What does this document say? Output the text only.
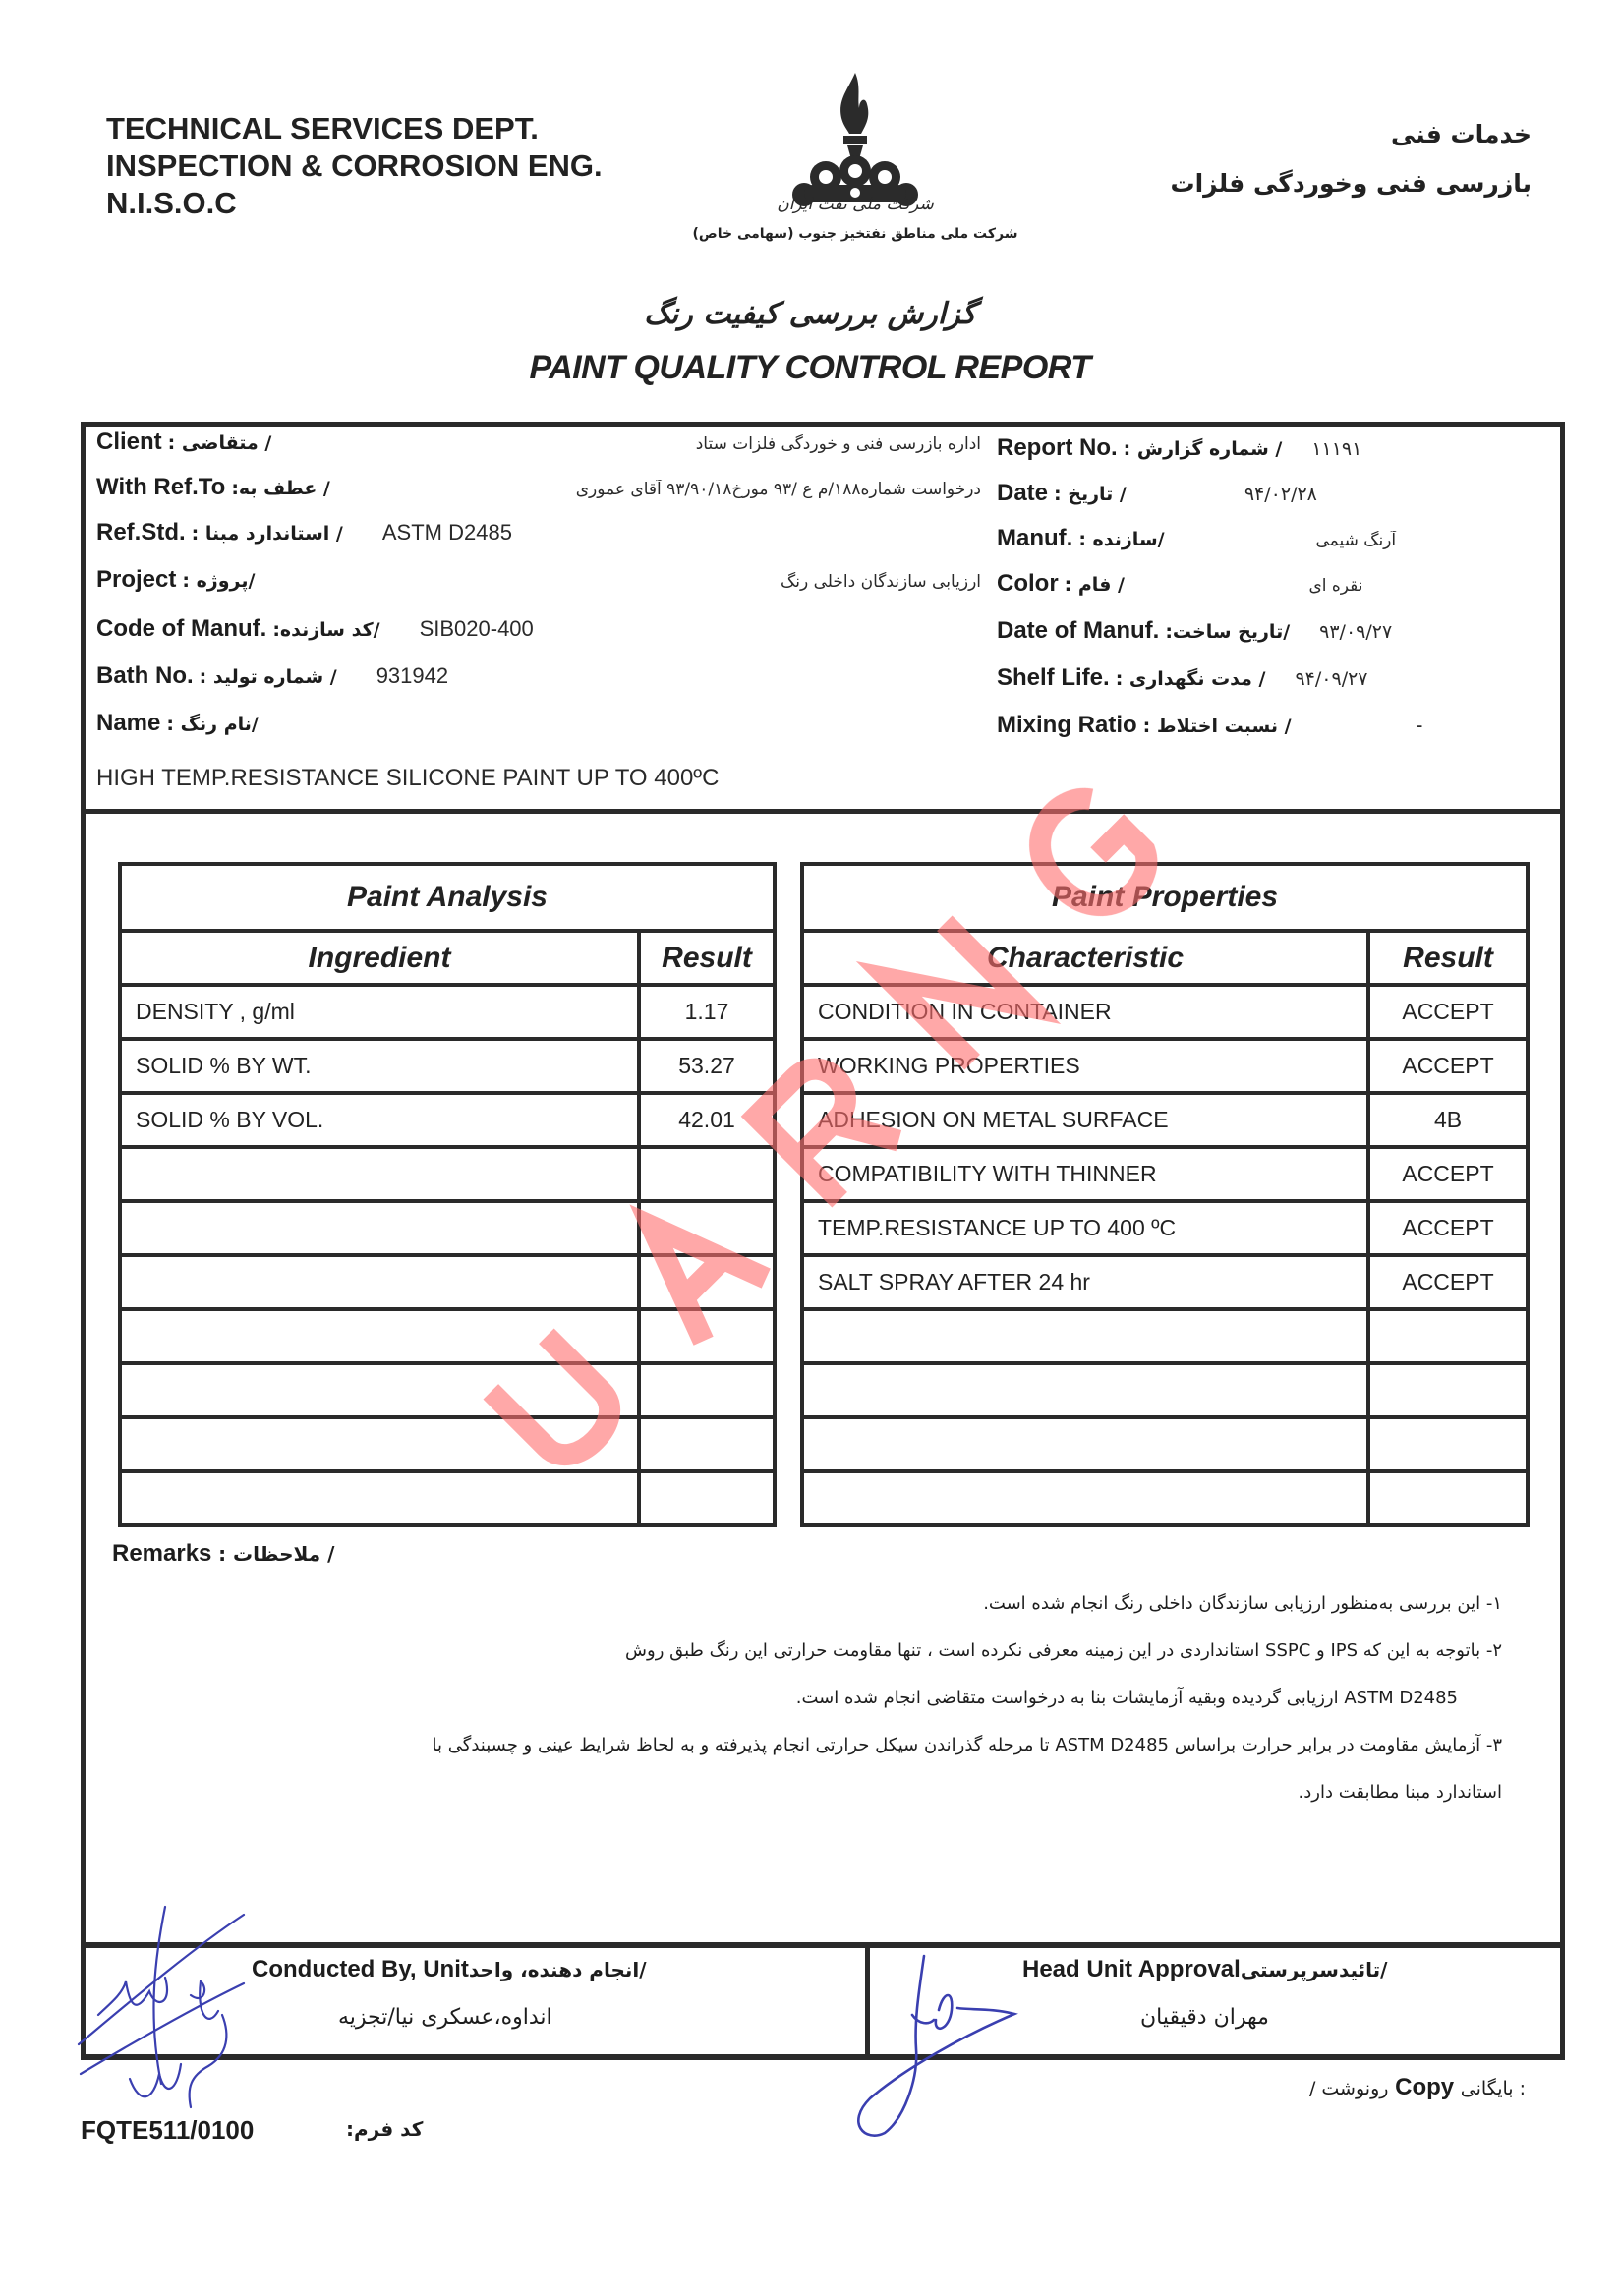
TECHNICAL SERVICES DEPT.
INSPECTION & CORROSION ENG.
N.I.S.O.C
خدمات فنی
بازرسی فنی وخوردگی فلزات
شرکت ملی نفت ایران
شرکت ملی مناطق نفتخیز جنوب (سهامی خاص)
گزارش بررسی کیفیت رنگ
PAINT QUALITY CONTROL REPORT
Client / متقاضی :	اداره بازرسی فنی و خوردگی فلزات ستاد
With Ref.To / عطف به:	درخواست شماره۱۸۸/م ع /۹۳ مورخ۹۳/۹۰/۱۸ آقای عموری
Ref.Std. / استاندارد مبنا :	ASTM D2485
Project /پروژه :	ارزیابی سازندگان داخلی رنگ
Code of Manuf. /کد سازنده:	SIB020-400
Bath No. / شماره تولید :	931942
Name /نام رنگ :
HIGH TEMP.RESISTANCE SILICONE PAINT UP TO 400ºC
Report No. / شماره گزارش :	۱۱۱۹۱
Date / تاریخ :	۹۴/۰۲/۲۸
Manuf. /سازنده :	آرنگ شیمی
Color / فام :	نقره ای
Date of Manuf. /تاریخ ساخت:	۹۳/۰۹/۲۷
Shelf Life. / مدت نگهداری :	۹۴/۰۹/۲۷
Mixing Ratio / نسبت اختلاط :	-
Paint Analysis	
Ingredient	Result
DENSITY , g/ml	1.17
SOLID % BY WT.	53.27
SOLID % BY VOL.	42.01

Paint Properties	
Characteristic	Result
CONDITION IN CONTAINER	ACCEPT
WORKING PROPERTIES	ACCEPT
ADHESION ON METAL SURFACE	4B
COMPATIBILITY WITH THINNER	ACCEPT
TEMP.RESISTANCE UP TO 400 ºC	ACCEPT
SALT SPRAY AFTER 24 hr	ACCEPT

Remarks / ملاحظات :
۱- این بررسی به‌منظور ارزیابی سازندگان داخلی رنگ انجام شده است.
۲- باتوجه به این که IPS و SSPC استانداردی در این زمینه معرفی نکرده است ، تنها مقاومت حرارتی این رنگ طبق روش
ASTM D2485 ارزیابی گردیده وبقیه آزمایشات بنا به درخواست متقاضی انجام شده است.
۳- آزمایش مقاومت در برابر حرارت براساس ASTM D2485 تا مرحله گذراندن سیکل حرارتی انجام پذیرفته و به لحاظ شرایط عینی و چسبندگی با
استاندارد مبنا مطابقت دارد.
Conducted By, Unit/انجام دهنده، واحد
انداوه،عسکری نیا/تجزیه
Head Unit Approval/تائیدسرپرستی
مهران دقیقیان
رونوشت / Copy : بایگانی
FQTE511/0100	کد فرم:
